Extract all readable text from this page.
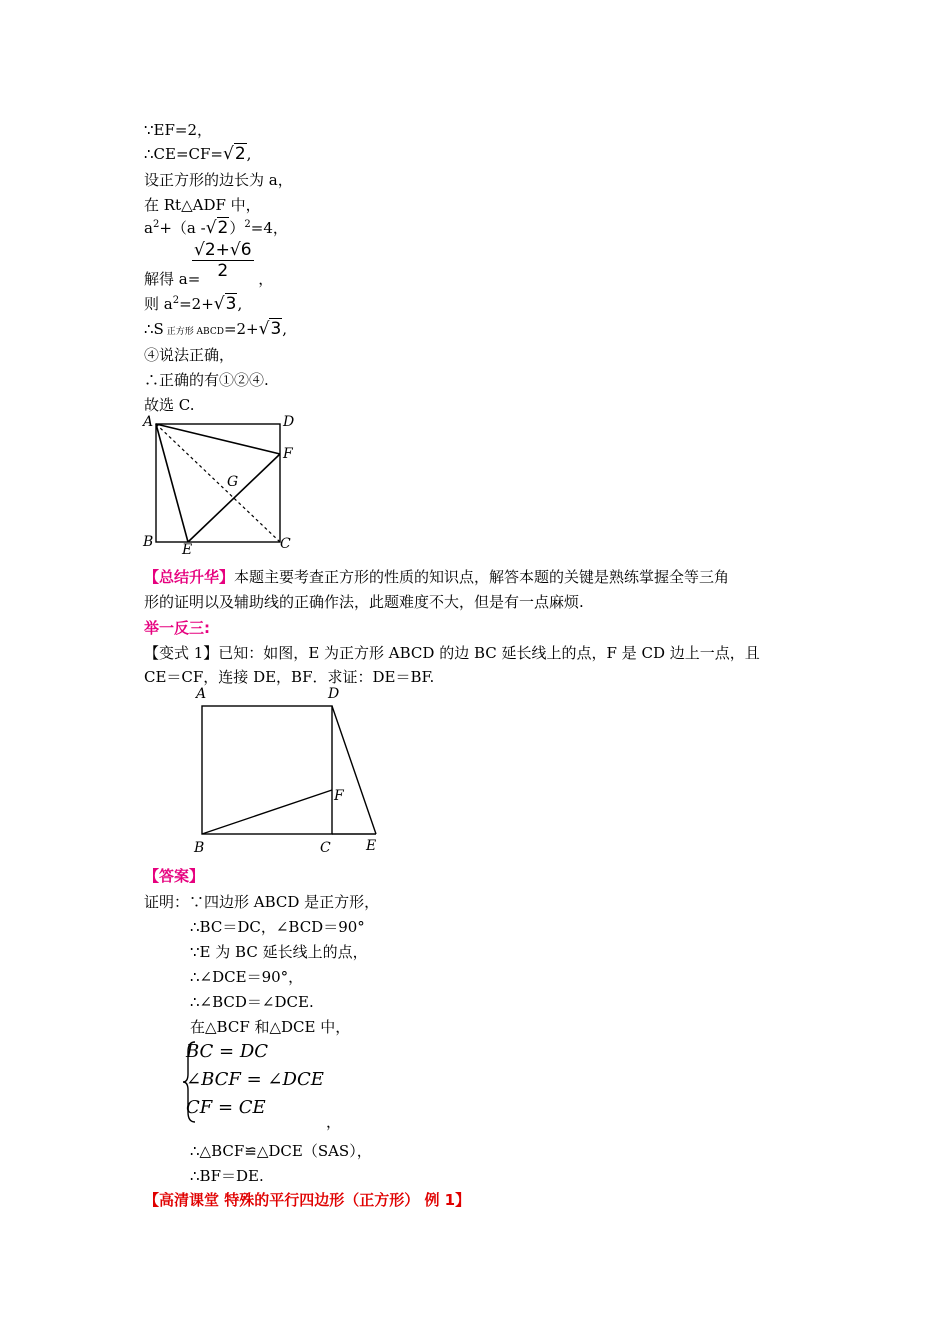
∵EF=2，
∴CE=CF=√2,
设正方形的边长为 a，
在 Rt△ADF 中，
$a^2+(a$ -√2）$^2$=4，
$\frac{√2+√6}{2}$
解得 a=	，
则 $a^2=2+√3$,
∴S 正方形 ABCD=2+√3,
④说法正确，
∴正确的有①②④.
故选 C.
A	D
F
G
B E	C
【总结升华】本题主要考查正方形的性质的知识点，解答本题的关键是熟练掌握全等三角
形的证明以及辅助线的正确作法，此题难度不大，但是有一点麻烦.
举一反三:
【变式 1】已知：如图，E 为正方形 ABCD 的边 BC 延长线上的点，F 是 CD 边上一点，且
CE＝CF，连接 DE，BF．求证：DE＝BF.
A	D
F
B	C	E
【答案】
证明：∵四边形 ABCD 是正方形，
∴BC＝DC，∠BCD＝90°
∵E 为 BC 延长线上的点，
∴∠DCE＝90°，
∴∠BCD＝∠DCE.
在△BCF 和△DCE 中，
BC = DC
∠BCF = ∠DCE
CF = CE
，
∴△BCF≌△DCE（SAS），
∴BF＝DE.
【高清课堂 特殊的平行四边形（正方形） 例 1】
